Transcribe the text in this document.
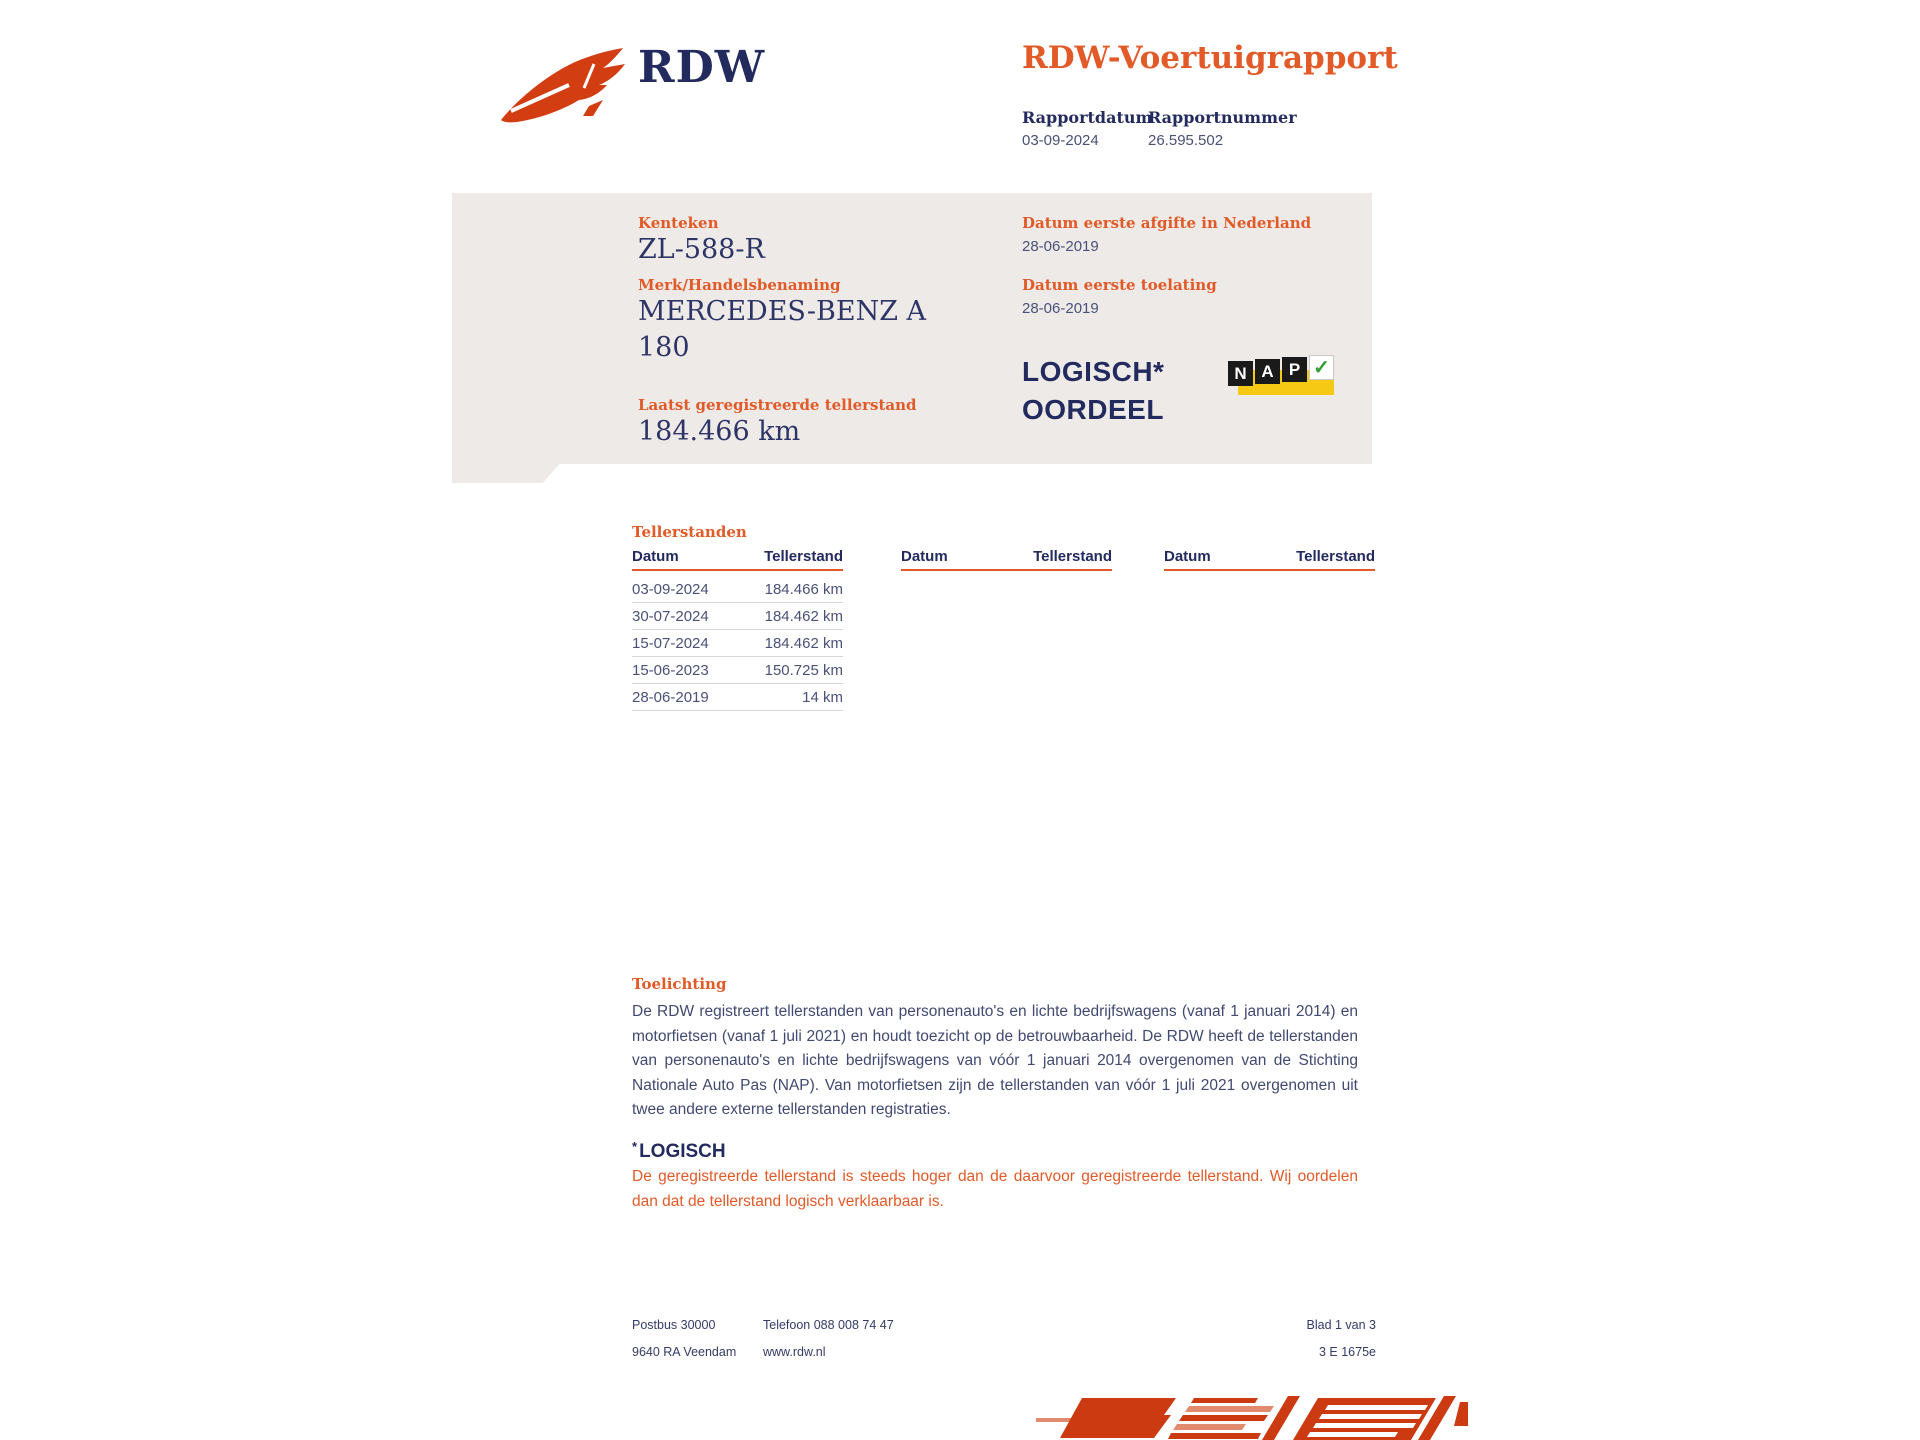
RDW	RDW-Voertuigrapport
Rapportdatum
03-09-2024
Rapportnummer
26.595.502
Kenteken
ZL-588-R
Merk/Handelsbenaming
MERCEDES-BENZ A 180
Laatst geregistreerde tellerstand
184.466 km
Datum eerste afgifte in Nederland
28-06-2019
Datum eerste toelating
28-06-2019
LOGISCH*
OORDEEL
N A P ✓
Tellerstanden
Datum	Tellerstand	Datum	Tellerstand	Datum	Tellerstand
03-09-2024	184.466 km
30-07-2024	184.462 km
15-07-2024	184.462 km
15-06-2023	150.725 km
28-06-2019	14 km
Toelichting
De RDW registreert tellerstanden van personenauto's en lichte bedrijfswagens (vanaf 1 januari 2014) en motorfietsen (vanaf 1 juli 2021) en houdt toezicht op de betrouwbaarheid. De RDW heeft de tellerstanden van personenauto's en lichte bedrijfswagens van vóór 1 januari 2014 overgenomen van de Stichting Nationale Auto Pas (NAP). Van motorfietsen zijn de tellerstanden van vóór 1 juli 2021 overgenomen uit twee andere externe tellerstanden registraties.
* LOGISCH
De geregistreerde tellerstand is steeds hoger dan de daarvoor geregistreerde tellerstand. Wij oordelen dan dat de tellerstand logisch verklaarbaar is.
Postbus 30000
9640 RA Veendam
Telefoon 088 008 74 47
www.rdw.nl
Blad 1 van 3
3 E 1675e
